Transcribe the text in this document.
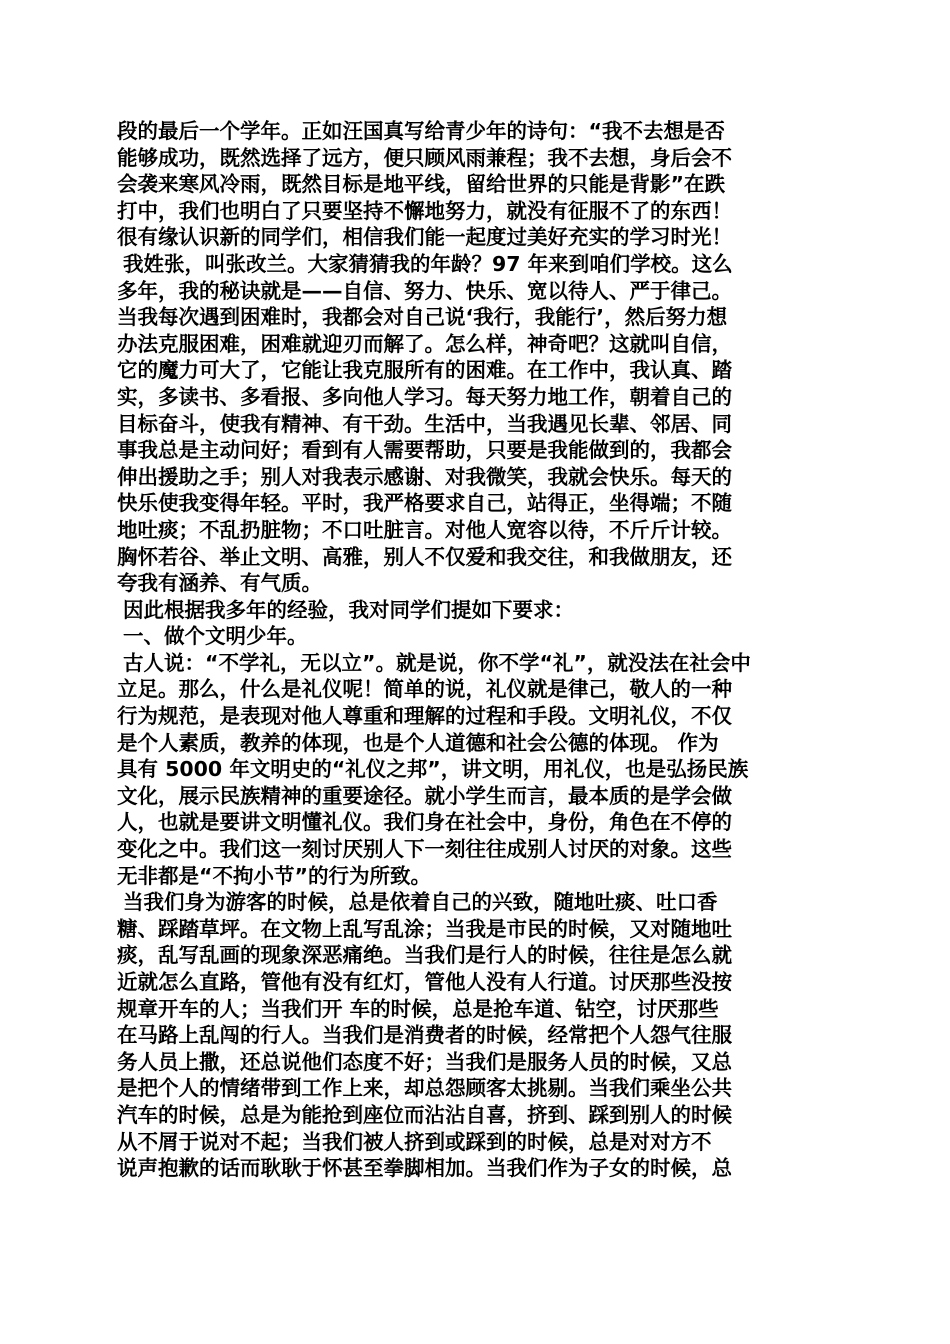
段的最后一个学年。正如汪国真写给青少年的诗句：“我不去想是否
能够成功，既然选择了远方，便只顾风雨兼程；我不去想，身后会不
会袭来寒风冷雨，既然目标是地平线，留给世界的只能是背影”在跌
打中，我们也明白了只要坚持不懈地努力，就没有征服不了的东西！
很有缘认识新的同学们，相信我们能一起度过美好充实的学习时光！
我姓张，叫张改兰。大家猜猜我的年龄？97 年来到咱们学校。这么
多年，我的秘诀就是——自信、努力、快乐、宽以待人、严于律己。
当我每次遇到困难时，我都会对自己说‘我行，我能行’，然后努力想
办法克服困难，困难就迎刃而解了。怎么样，神奇吧？这就叫自信，
它的魔力可大了，它能让我克服所有的困难。在工作中，我认真、踏
实，多读书、多看报、多向他人学习。每天努力地工作，朝着自己的
目标奋斗，使我有精神、有干劲。生活中，当我遇见长辈、邻居、同
事我总是主动问好；看到有人需要帮助，只要是我能做到的，我都会
伸出援助之手；别人对我表示感谢、对我微笑，我就会快乐。每天的
快乐使我变得年轻。平时，我严格要求自己，站得正，坐得端；不随
地吐痰；不乱扔脏物；不口吐脏言。对他人宽容以待，不斤斤计较。
胸怀若谷、举止文明、高雅，别人不仅爱和我交往，和我做朋友，还
夸我有涵养、有气质。
因此根据我多年的经验，我对同学们提如下要求：
一、做个文明少年。
古人说：“不学礼，无以立”。就是说，你不学“礼”，就没法在社会中
立足。那么，什么是礼仪呢！简单的说，礼仪就是律己，敬人的一种
行为规范，是表现对他人尊重和理解的过程和手段。文明礼仪，不仅
是个人素质，教养的体现，也是个人道德和社会公德的体现。 作为
具有 5000 年文明史的“礼仪之邦”，讲文明，用礼仪，也是弘扬民族
文化，展示民族精神的重要途径。就小学生而言，最本质的是学会做
人，也就是要讲文明懂礼仪。我们身在社会中，身份，角色在不停的
变化之中。我们这一刻讨厌别人下一刻往往成别人讨厌的对象。这些
无非都是“不拘小节”的行为所致。
当我们身为游客的时候，总是依着自己的兴致，随地吐痰、吐口香
糖、踩踏草坪。在文物上乱写乱涂；当我是市民的时候，又对随地吐
痰，乱写乱画的现象深恶痛绝。当我们是行人的时候，往往是怎么就
近就怎么直路，管他有没有红灯，管他人没有人行道。讨厌那些没按
规章开车的人；当我们开 车的时候，总是抢车道、钻空，讨厌那些
在马路上乱闯的行人。当我们是消费者的时候，经常把个人怨气往服
务人员上撒，还总说他们态度不好；当我们是服务人员的时候，又总
是把个人的情绪带到工作上来，却总怨顾客太挑剔。当我们乘坐公共
汽车的时候，总是为能抢到座位而沾沾自喜，挤到、踩到别人的时候
从不屑于说对不起；当我们被人挤到或踩到的时候，总是对对方不
说声抱歉的话而耿耿于怀甚至拳脚相加。当我们作为子女的时候，总
